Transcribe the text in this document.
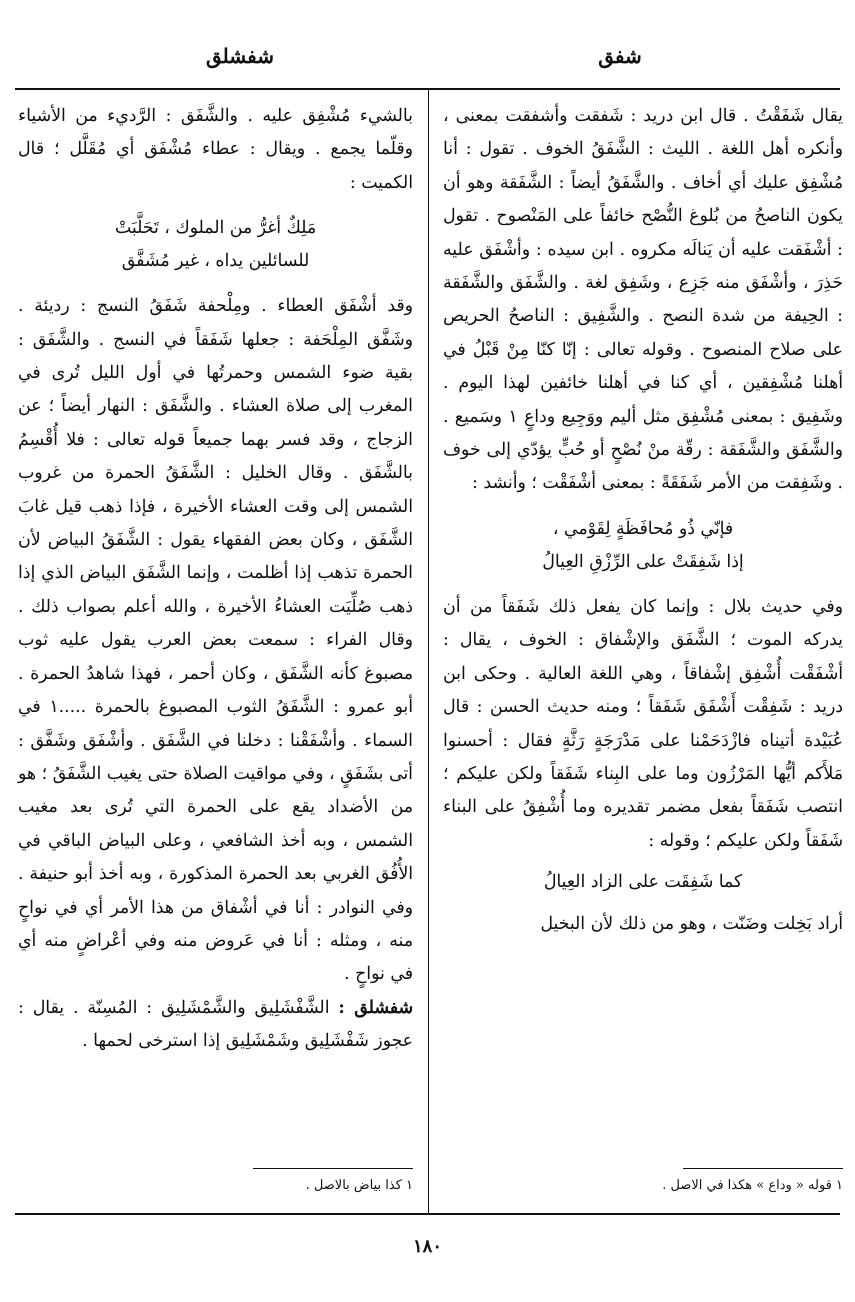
شفق
شفشلق

يقال شَفَقْتُ . قال ابن دريد : شَفقت وأشفقت بمعنى ، وأنكره أهل اللغة . الليث : الشَّفَقُ الخوف . تقول : أنا مُشْفِق عليك أي أخاف . والشَّفَقُ أيضاً : الشَّفَقة وهو أن يكون الناصحُ من بُلوغ النُّصْح خائفاً على المَنْصوح . تقول : أشْفَقت عليه أن يَنالَه مكروه . ابن سيده : وأشْفَق عليه حَذِرَ ، وأشْفَق منه جَزِع ، وشَفِق لغة . والشَّفَق والشَّفَقة : الحِيفة من شدة النصح . والشَّفِيق : الناصحُ الحريص على صلاح المنصوح . وقوله تعالى : إنّا كنّا مِنْ قَبْلُ في أهلنا مُشْفِقين ، أي كنا في أهلنا خائفين لهذا اليوم . وشَفِيق : بمعنى مُشْفِق مثل أليم ووَجِيع وداعٍ ١ وسَميع . والشَّفَق والشَّفَقة : رقّة منْ نُصْحٍ أو حُبٍّ يؤدّي إلى خوف . وشَفِقت من الأمر شَفَقَةً : بمعنى أشْفَقْت ؛ وأنشد :

فإنّي ذُو مُحافَظَةٍ لِقَوْمي ،
إذا شَفِقَتْ على الرِّزْقِ العِيالُ

وفي حديث بلال : وإنما كان يفعل ذلك شَفَقاً من أن يدركه الموت ؛ الشَّفَق والإشْفاق : الخوف ، يقال : أشْفَقْت أُشْفِق إشْفاقاً ، وهي اللغة العالية . وحكى ابن دريد : شَفِقْت أَشْفَق شَفَقاً ؛ ومنه حديث الحسن : قال عُبَيْدة أتيناه فازْدَحَمْنا على مَدْرَجَةٍ رَثَّةٍ فقال : أحسنوا مَلأَكم أيُّها المَرْزُون وما على البِناء شَفَقاً ولكن عليكم ؛ انتصب شَفَقاً بفعل مضمر تقديره وما أُشْفِقُ على البناء شَفَقاً ولكن عليكم ؛ وقوله :

كما شَفِقَت على الزاد العِيالُ

أراد بَخِلت وضَنّت ، وهو من ذلك لأن البخيل

بالشيء مُشْفِق عليه . والشَّفَق : الرَّديء من الأشياء وقلّما يجمع . ويقال : عطاء مُشْفَق أي مُقَلَّل ؛ قال الكميت :

مَلِكٌ أغرُّ من الملوك ، تَحَلَّبَتْ
للسائلين يداه ، غير مُشَفَّق

وقد أشْفَق العطاء . ومِلْحفة شَفَقُ النسج : رديئة . وشَفَّق المِلْحَفة : جعلها شَفَقاً في النسج . والشَّفَق : بقية ضوء الشمس وحمرتُها في أول الليل تُرى في المغرب إلى صلاة العشاء . والشَّفَق : النهار أيضاً ؛ عن الزجاج ، وقد فسر بهما جميعاً قوله تعالى : فلا أُقْسِمُ بالشَّفَق . وقال الخليل : الشَّفَقُ الحمرة من غروب الشمس إلى وقت العشاء الأخيرة ، فإذا ذهب قيل غابَ الشَّفَق ، وكان بعض الفقهاء يقول : الشَّفَقُ البياض لأن الحمرة تذهب إذا أظلمت ، وإنما الشَّفَق البياض الذي إذا ذهب صُلِّيَت العشاءُ الأخيرة ، والله أعلم بصواب ذلك . وقال الفراء : سمعت بعض العرب يقول عليه ثوب مصبوغ كأنه الشَّفَق ، وكان أحمر ، فهذا شاهدُ الحمرة . أبو عمرو : الشَّفَقُ الثوب المصبوغ بالحمرة .....١ في السماء . وأشْفَقْنا : دخلنا في الشَّفَق . وأشْفَق وشَفَّق : أتى بشَفَقٍ ، وفي مواقيت الصلاة حتى يغيب الشَّفَقُ ؛ هو من الأضداد يقع على الحمرة التي تُرى بعد مغيب الشمس ، وبه أخذ الشافعي ، وعلى البياض الباقي في الأُفُق الغربي بعد الحمرة المذكورة ، وبه أخذ أبو حنيفة . وفي النوادر : أنا في أشْفاق من هذا الأمر أي في نواحٍ منه ، ومثله : أنا في عَروض منه وفي أعْراضٍ منه أي في نواحٍ .

شفشلق : الشَّفْشَلِيق والشَّمْشَلِيق : المُسِنّة . يقال : عجوز شَفْشَلِيق وشَمْشَلِيق إذا استرخى لحمها .

١ قوله « وداع » هكذا في الاصل .
١ كذا بياض بالاصل .
١٨٠
